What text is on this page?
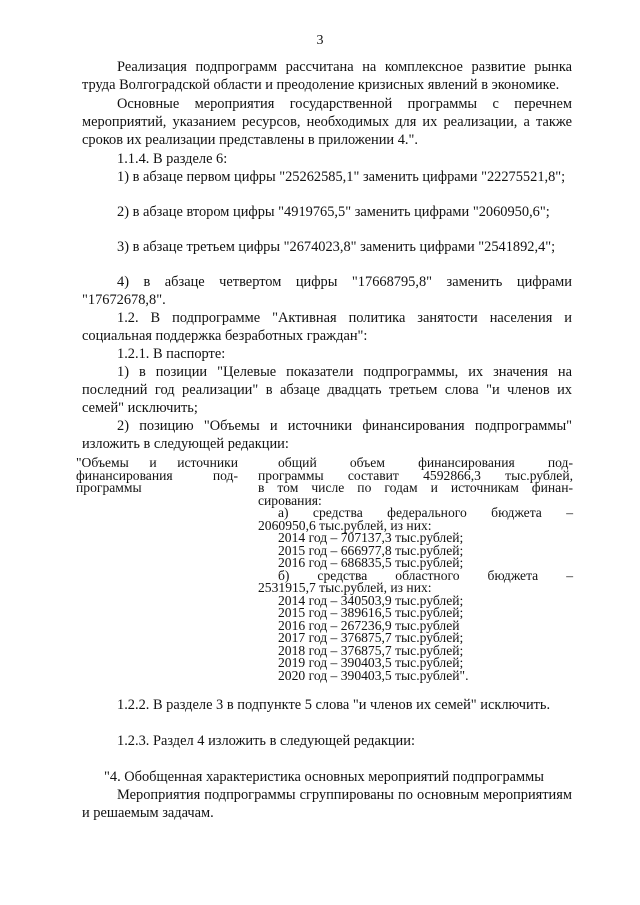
3
Реализация подпрограмм рассчитана на комплексное развитие рынка труда Волгоградской области и преодоление кризисных явлений в экономике.
Основные мероприятия государственной программы с перечнем мероприятий, указанием ресурсов, необходимых для их реализации, а также сроков их реализации представлены в приложении 4.".
1.1.4. В разделе 6:
1) в абзаце первом цифры "25262585,1" заменить цифрами "22275521,8";
2) в абзаце втором цифры "4919765,5" заменить цифрами "2060950,6";
3) в абзаце третьем цифры "2674023,8" заменить цифрами "2541892,4";
4) в абзаце четвертом цифры "17668795,8" заменить цифрами "17672678,8".
1.2. В подпрограмме "Активная политика занятости населения и социальная поддержка безработных граждан":
1.2.1. В паспорте:
1) в позиции "Целевые показатели подпрограммы, их значения на последний год реализации" в абзаце двадцать третьем слова "и членов их семей" исключить;
2) позицию "Объемы и источники финансирования подпрограммы" изложить в следующей редакции:
"Объемы и источники
финансирования под-
программы
общий объем финансирования под-
программы составит 4592866,3 тыс.рублей,
в том числе по годам и источникам финан-
сирования:
а) средства федерального бюджета –
2060950,6 тыс.рублей, из них:
2014 год – 707137,3 тыс.рублей;
2015 год – 666977,8 тыс.рублей;
2016 год – 686835,5 тыс.рублей;
б) средства областного бюджета –
2531915,7 тыс.рублей, из них:
2014 год – 340503,9 тыс.рублей;
2015 год – 389616,5 тыс.рублей;
2016 год – 267236,9 тыс.рублей
2017 год – 376875,7 тыс.рублей;
2018 год – 376875,7 тыс.рублей;
2019 год – 390403,5 тыс.рублей;
2020 год – 390403,5 тыс.рублей".
1.2.2. В разделе 3 в подпункте 5 слова "и членов их семей" исключить.
1.2.3. Раздел 4 изложить в следующей редакции:
"4. Обобщенная характеристика основных мероприятий подпрограммы
Мероприятия подпрограммы сгруппированы по основным мероприятиям и решаемым задачам.
